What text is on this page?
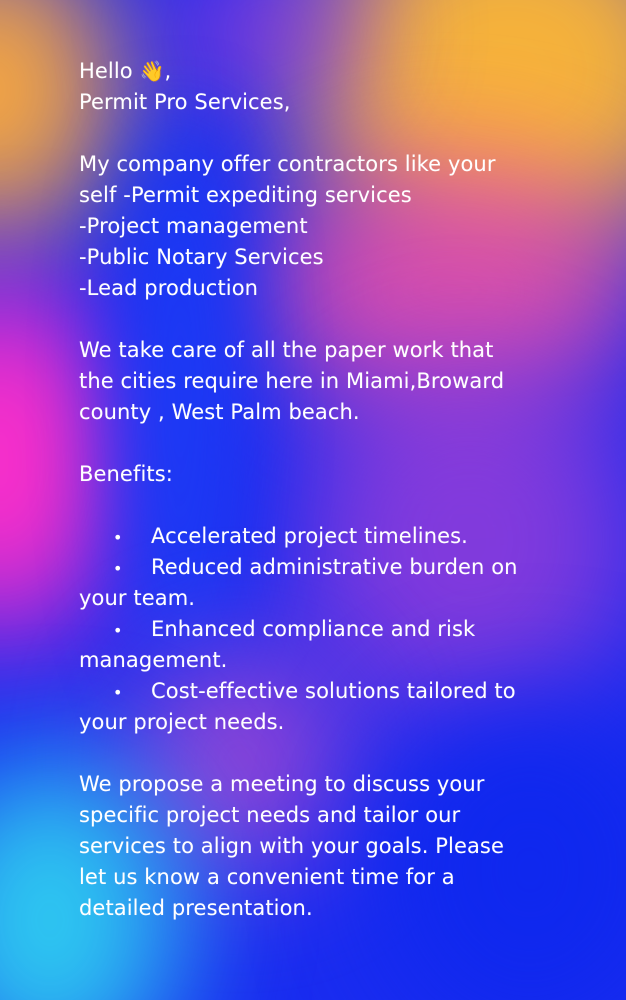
Hello 👋,
Permit Pro Services,
My company offer contractors like your
self -Permit expediting services
-Project management
-Public Notary Services
-Lead production
We take care of all the paper work that
the cities require here in Miami,Broward
county , West Palm beach.
Benefits:
• Accelerated project timelines.
• Reduced administrative burden on
your team.
• Enhanced compliance and risk
management.
• Cost-effective solutions tailored to
your project needs.
We propose a meeting to discuss your
specific project needs and tailor our
services to align with your goals. Please
let us know a convenient time for a
detailed presentation.
